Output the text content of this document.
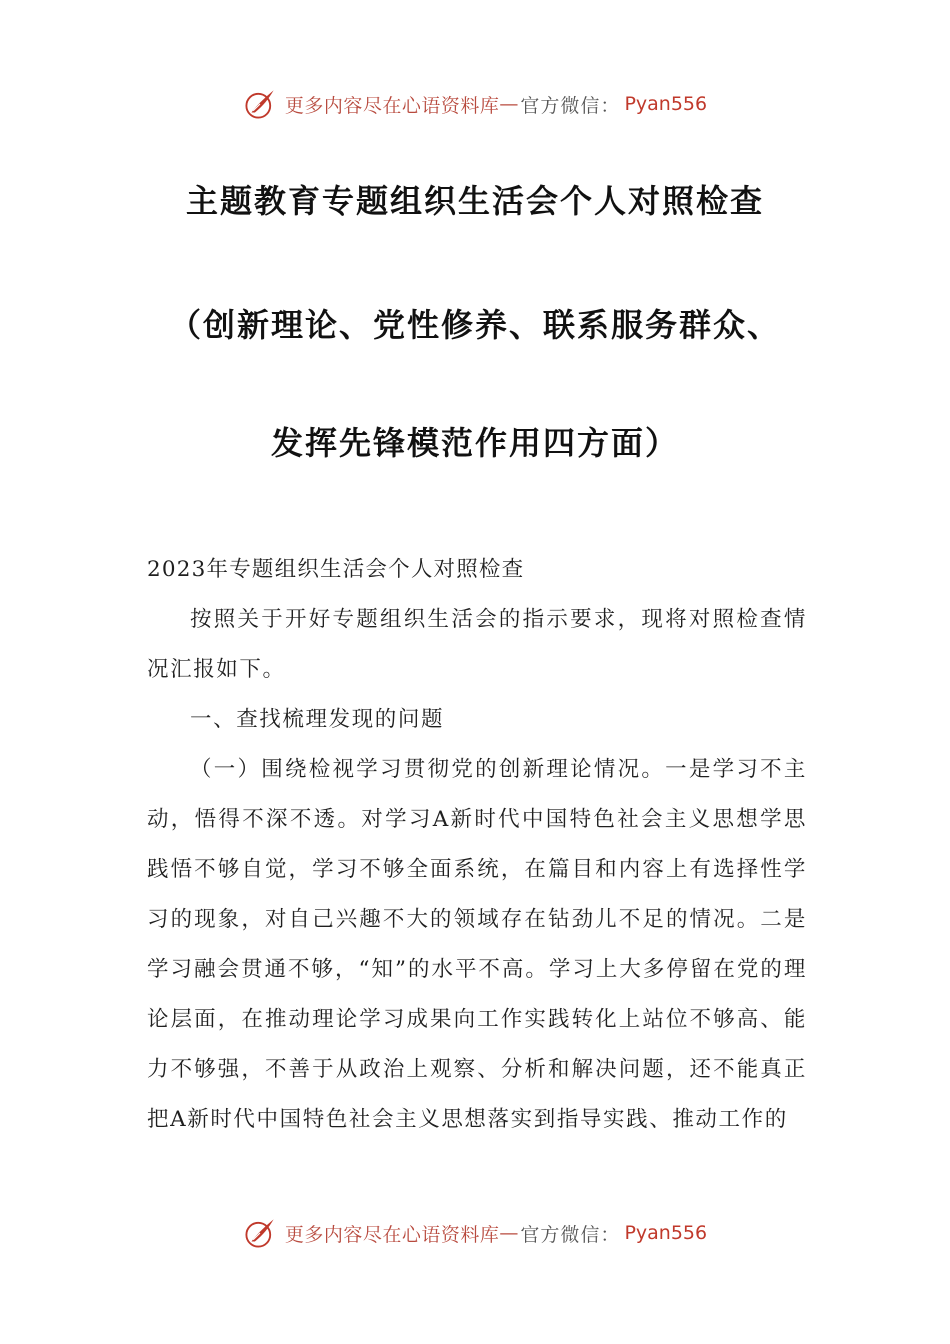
更多内容尽在心语资料库 — 官方微信： Pyan556
主题教育专题组织生活会个人对照检查
（创新理论、党性修养、联系服务群众、
发挥先锋模范作用四方面）
2023年专题组织生活会个人对照检查

按照关于开好专题组织生活会的指示要求，现将对照检查情况汇报如下。

一、查找梳理发现的问题

（一）围绕检视学习贯彻党的创新理论情况。一是学习不主动，悟得不深不透。对学习A新时代中国特色社会主义思想学思践悟不够自觉，学习不够全面系统，在篇目和内容上有选择性学习的现象，对自己兴趣不大的领域存在钻劲儿不足的情况。二是学习融会贯通不够，“知”的水平不高。学习上大多停留在党的理论层面，在推动理论学习成果向工作实践转化上站位不够高、能力不够强，不善于从政治上观察、分析和解决问题，还不能真正把A新时代中国特色社会主义思想落实到指导实践、推动工作的

更多内容尽在心语资料库 — 官方微信： Pyan556
